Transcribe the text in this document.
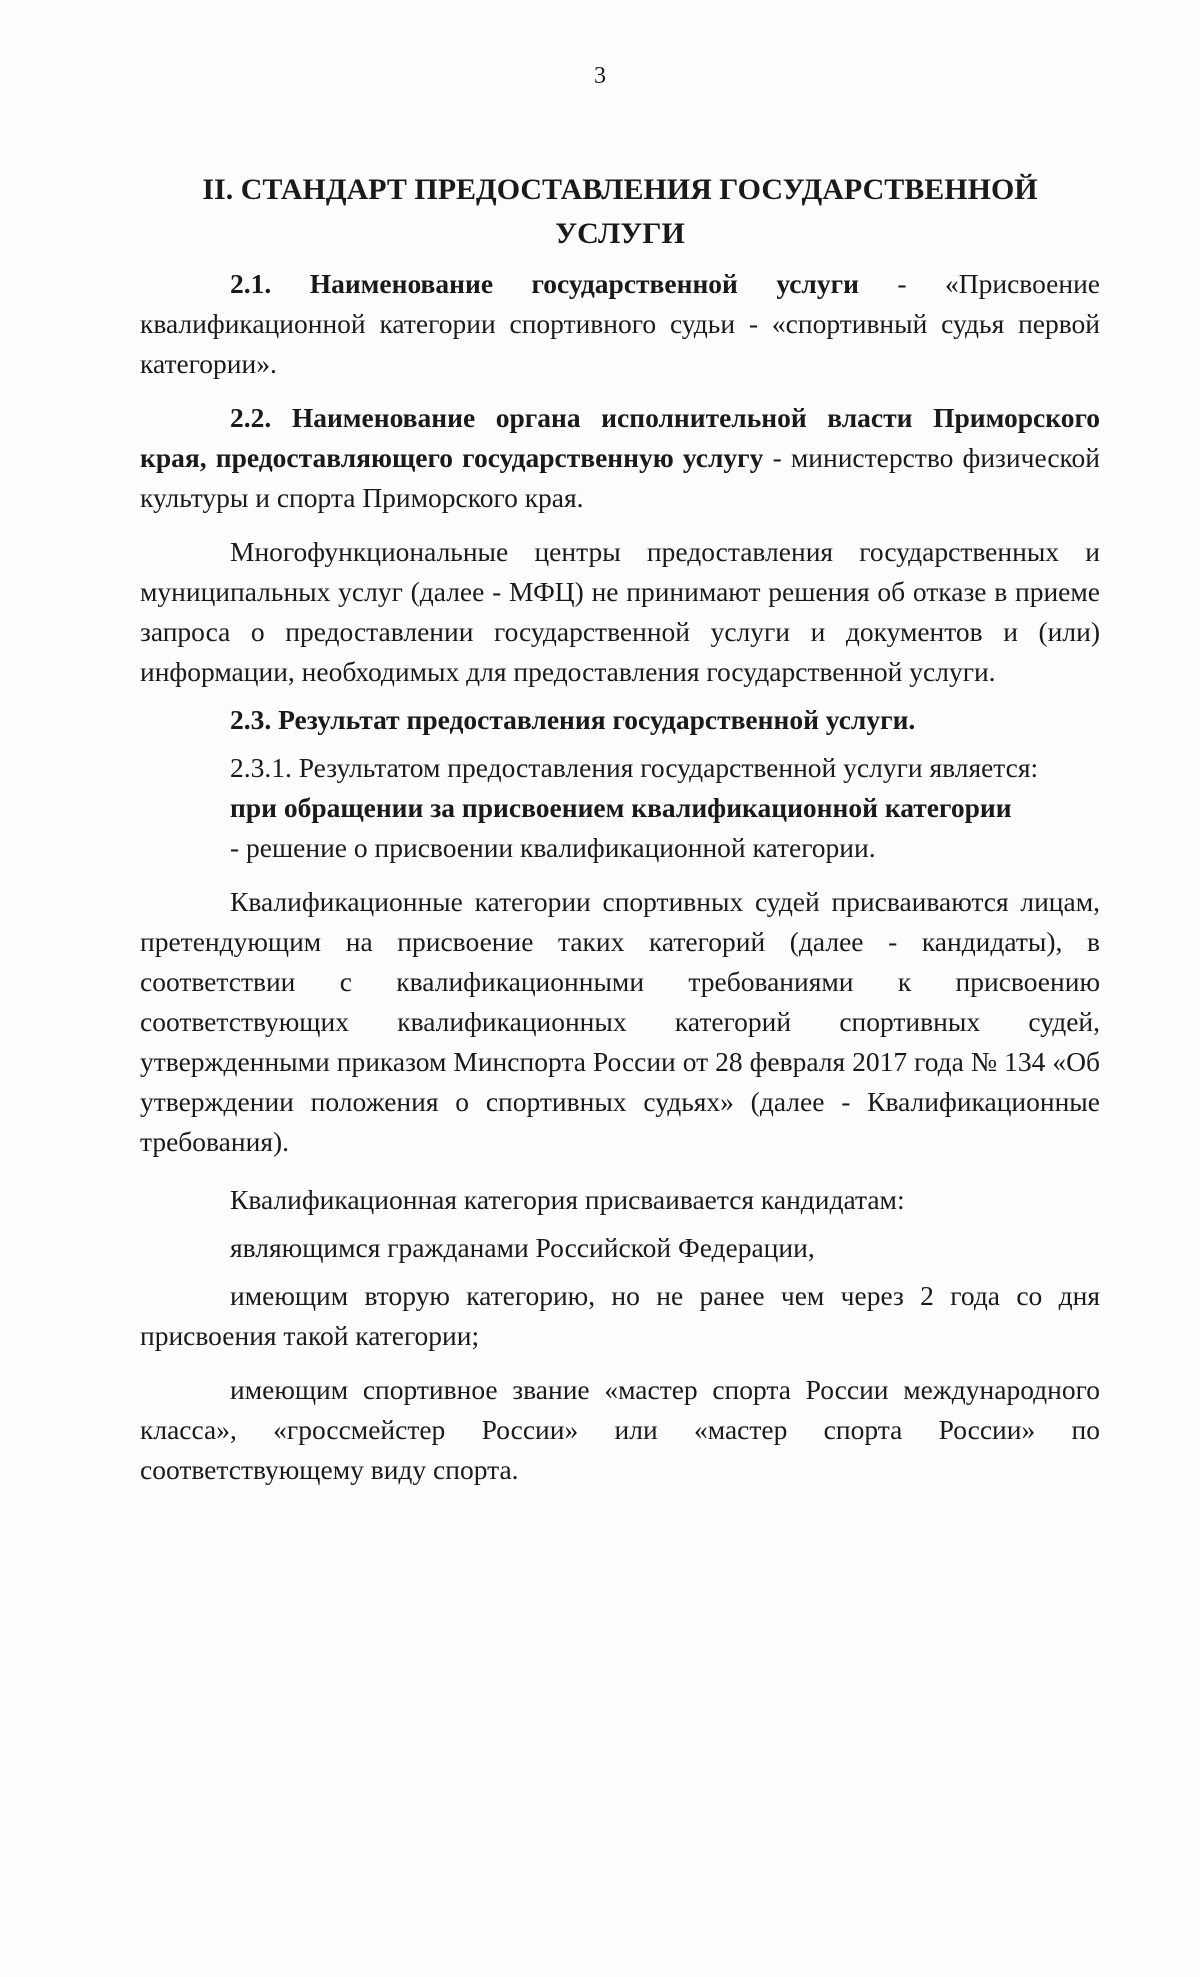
3
II. СТАНДАРТ ПРЕДОСТАВЛЕНИЯ ГОСУДАРСТВЕННОЙ УСЛУГИ

2.1. Наименование государственной услуги - «Присвоение квалификационной категории спортивного судьи - «спортивный судья первой категории».

2.2. Наименование органа исполнительной власти Приморского края, предоставляющего государственную услугу - министерство физической культуры и спорта Приморского края.

Многофункциональные центры предоставления государственных и муниципальных услуг (далее - МФЦ) не принимают решения об отказе в приеме запроса о предоставлении государственной услуги и документов и (или) информации, необходимых для предоставления государственной услуги.

2.3. Результат предоставления государственной услуги.

2.3.1. Результатом предоставления государственной услуги является:

при обращении за присвоением квалификационной категории

- решение о присвоении квалификационной категории.

Квалификационные категории спортивных судей присваиваются лицам, претендующим на присвоение таких категорий (далее - кандидаты), в соответствии с квалификационными требованиями к присвоению соответствующих квалификационных категорий спортивных судей, утвержденными приказом Минспорта России от 28 февраля 2017 года № 134 «Об утверждении положения о спортивных судьях» (далее - Квалификационные требования).

Квалификационная категория присваивается кандидатам:

являющимся гражданами Российской Федерации,

имеющим вторую категорию, но не ранее чем через 2 года со дня присвоения такой категории;

имеющим спортивное звание «мастер спорта России международного класса», «гроссмейстер России» или «мастер спорта России» по соответствующему виду спорта.
